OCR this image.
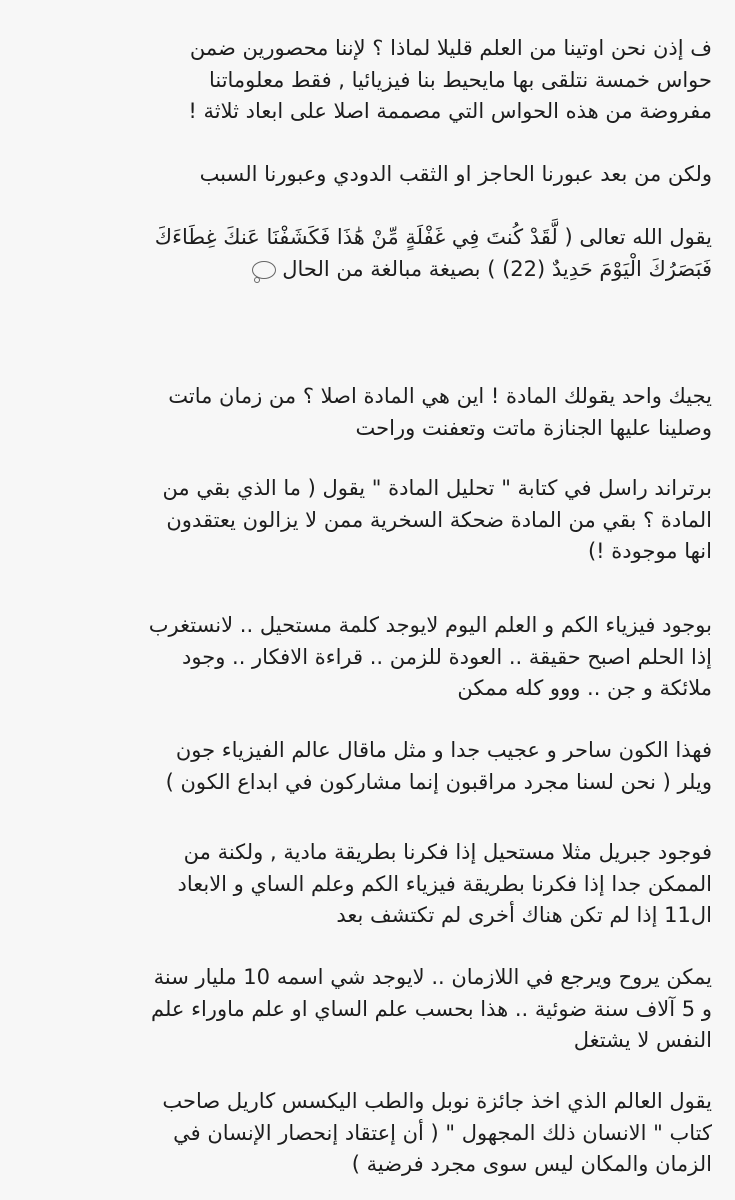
ف إذن نحن اوتينا من العلم قليلا لماذا ؟ لإننا محصورين ضمن
حواس خمسة نتلقى بها مايحيط بنا فيزيائيا , فقط معلوماتنا
مفروضة من هذه الحواس التي مصممة اصلا على ابعاد ثلاثة !

ولكن من بعد عبورنا الحاجز او الثقب الدودي وعبورنا السبب

يقول الله تعالى ( لَّقَدْ كُنتَ فِي غَفْلَةٍ مِّنْ هَٰذَا فَكَشَفْنَا عَنكَ غِطَاءَكَ
فَبَصَرُكَ الْيَوْمَ حَدِيدٌ (22) ) بصيغة مبالغة من الحال

يجيك واحد يقولك المادة ! اين هي المادة اصلا ؟ من زمان ماتت
وصلينا عليها الجنازة ماتت وتعفنت وراحت

برتراند راسل في كتابة " تحليل المادة " يقول ( ما الذي بقي من
المادة ؟ بقي من المادة ضحكة السخرية ممن لا يزالون يعتقدون
انها موجودة !)

بوجود فيزياء الكم و العلم اليوم لايوجد كلمة مستحيل .. لانستغرب
إذا الحلم اصبح حقيقة .. العودة للزمن .. قراءة الافكار .. وجود
ملائكة و جن .. ووو كله ممكن

فهذا الكون ساحر و عجيب جدا و مثل ماقال عالم الفيزياء جون
ويلر ( نحن لسنا مجرد مراقبون إنما مشاركون في ابداع الكون )

فوجود جبريل مثلا مستحيل إذا فكرنا بطريقة مادية , ولكنة من
الممكن جدا إذا فكرنا بطريقة فيزياء الكم وعلم الساي و الابعاد
ال11 إذا لم تكن هناك أخرى لم تكتشف بعد

يمكن يروح ويرجع في اللازمان .. لايوجد شي اسمه 10 مليار سنة
و 5 آلاف سنة ضوئية .. هذا بحسب علم الساي او علم ماوراء علم
النفس لا يشتغل

يقول العالم الذي اخذ جائزة نوبل والطب اليكسس كاريل صاحب
كتاب " الانسان ذلك المجهول " ( أن إعتقاد إنحصار الإنسان في
الزمان والمكان ليس سوى مجرد فرضية )
